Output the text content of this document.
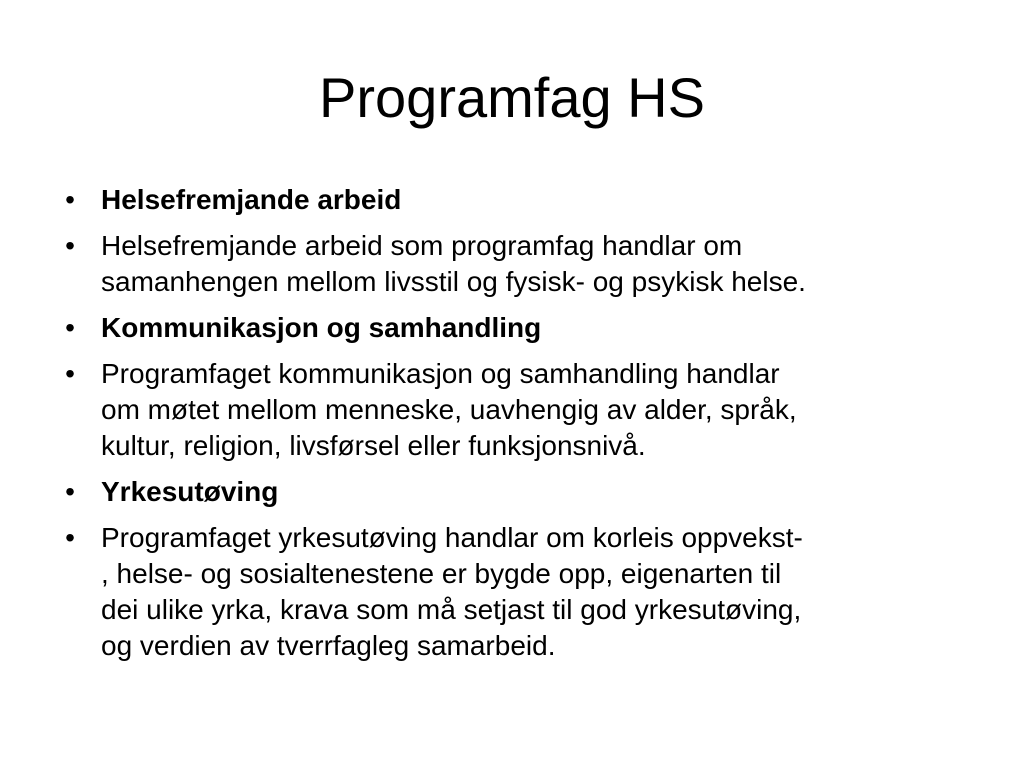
Programfag HS
• Helsefremjande arbeid
• Helsefremjande arbeid som programfag handlar om
samanhengen mellom livsstil og fysisk- og psykisk helse.
• Kommunikasjon og samhandling
• Programfaget kommunikasjon og samhandling handlar
om møtet mellom menneske, uavhengig av alder, språk,
kultur, religion, livsførsel eller funksjonsnivå.
• Yrkesutøving
• Programfaget yrkesutøving handlar om korleis oppvekst-
, helse- og sosialtenestene er bygde opp, eigenarten til
dei ulike yrka, krava som må setjast til god yrkesutøving,
og verdien av tverrfagleg samarbeid.
